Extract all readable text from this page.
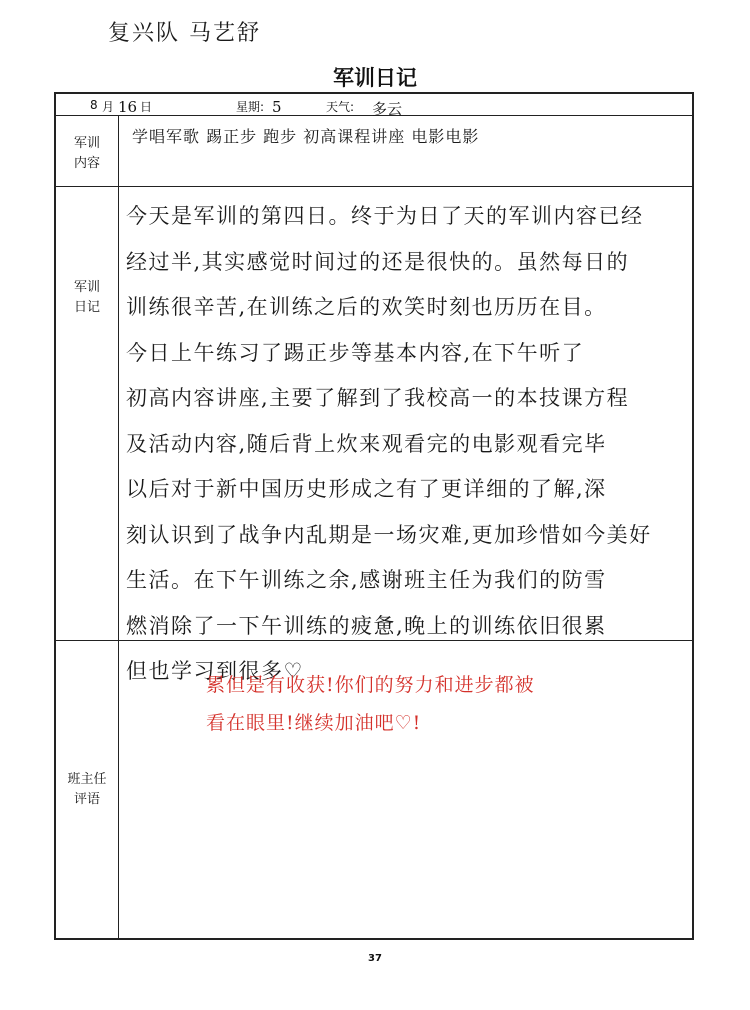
复兴队 马艺舒
军训日记
8 月 16 日	星期: 5	天气: 多云
军训
内容
军训
日记
班主任
评语
学唱军歌 踢正步 跑步 初高课程讲座 电影电影
今天是军训的第四日。终于为日了天的军训内容已经
经过半,其实感觉时间过的还是很快的。虽然每日的
训练很辛苦,在训练之后的欢笑时刻也历历在目。
今日上午练习了踢正步等基本内容,在下午听了
初高内容讲座,主要了解到了我校高一的本技课方程
及活动内容,随后背上炊来观看完的电影观看完毕
以后对于新中国历史形成之有了更详细的了解,深
刻认识到了战争内乱期是一场灾难,更加珍惜如今美好
生活。在下午训练之余,感谢班主任为我们的防雪
燃消除了一下午训练的疲惫,晚上的训练依旧很累
但也学习到很多♡
累但是有收获!你们的努力和进步都被
看在眼里!继续加油吧♡!
37
